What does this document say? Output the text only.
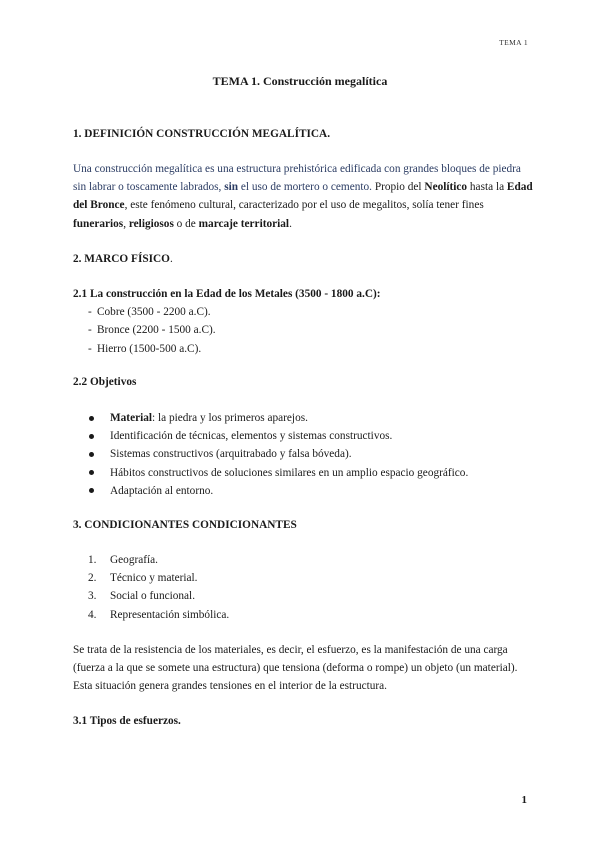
TEMA 1
TEMA 1. Construcción megalítica
1. DEFINICIÓN CONSTRUCCIÓN MEGALÍTICA.

Una construcción megalítica es una estructura prehistórica edificada con grandes bloques de piedra sin labrar o toscamente labrados, sin el uso de mortero o cemento. Propio del Neolítico hasta la Edad del Bronce, este fenómeno cultural, caracterizado por el uso de megalitos, solía tener fines funerarios, religiosos o de marcaje territorial.

2. MARCO FÍSICO.
2.1 La construcción en la Edad de los Metales (3500 - 1800 a.C):
- Cobre (3500 - 2200 a.C).
- Bronce (2200 - 1500 a.C).
- Hierro (1500-500 a.C).
2.2 Objetivos
Material: la piedra y los primeros aparejos.
Identificación de técnicas, elementos y sistemas constructivos.
Sistemas constructivos (arquitrabado y falsa bóveda).
Hábitos constructivos de soluciones similares en un amplio espacio geográfico.
Adaptación al entorno.
3. CONDICIONANTES CONDICIONANTES
1. Geografía.
2. Técnico y material.
3. Social o funcional.
4. Representación simbólica.

Se trata de la resistencia de los materiales, es decir, el esfuerzo, es la manifestación de una carga (fuerza a la que se somete una estructura) que tensiona (deforma o rompe) un objeto (un material). Esta situación genera grandes tensiones en el interior de la estructura.

3.1 Tipos de esfuerzos.
1
